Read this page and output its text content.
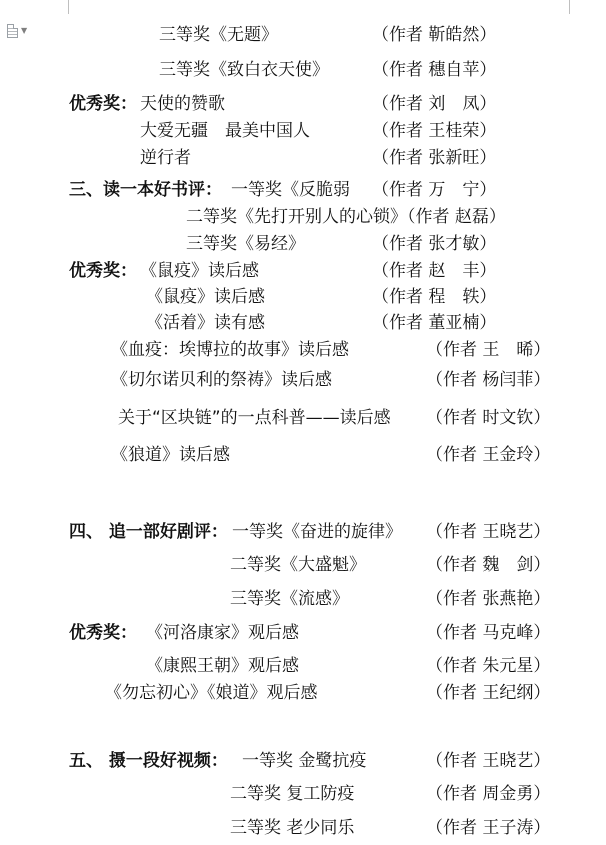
▼	三等奖《无题》	（作者 靳皓然）
三等奖《致白衣天使》	（作者 穗自苹）
优秀奖： 天使的赞歌	（作者 刘　凤）
大爱无疆　最美中国人	（作者 王桂荣）
逆行者	（作者 张新旺）
三、读一本好书评： 一等奖《反脆弱 （作者 万　宁）
二等奖《先打开别人的心锁》（作者 赵磊）
三等奖《易经》	（作者 张才敏）
优秀奖： 《鼠疫》读后感	（作者 赵　丰）
《鼠疫》读后感	（作者 程　轶）
《活着》读有感	（作者 董亚楠）
《血疫：埃博拉的故事》读后感	（作者 王　晞）
《切尔诺贝利的祭祷》读后感	（作者 杨闫菲）
关于“区块链”的一点科普——读后感 （作者 时文钦）
《狼道》读后感	（作者 王金玲）
四、 追一部好剧评： 一等奖《奋进的旋律》 （作者 王晓艺）
二等奖《大盛魁》	（作者 魏　剑）
三等奖《流感》	（作者 张燕艳）
优秀奖： 《河洛康家》观后感	（作者 马克峰）
《康熙王朝》观后感	（作者 朱元星）
《勿忘初心》《娘道》观后感	（作者 王纪纲）
五、 摄一段好视频： 一等奖 金鹭抗疫	（作者 王晓艺）
二等奖 复工防疫	（作者 周金勇）
三等奖 老少同乐	（作者 王子涛）
